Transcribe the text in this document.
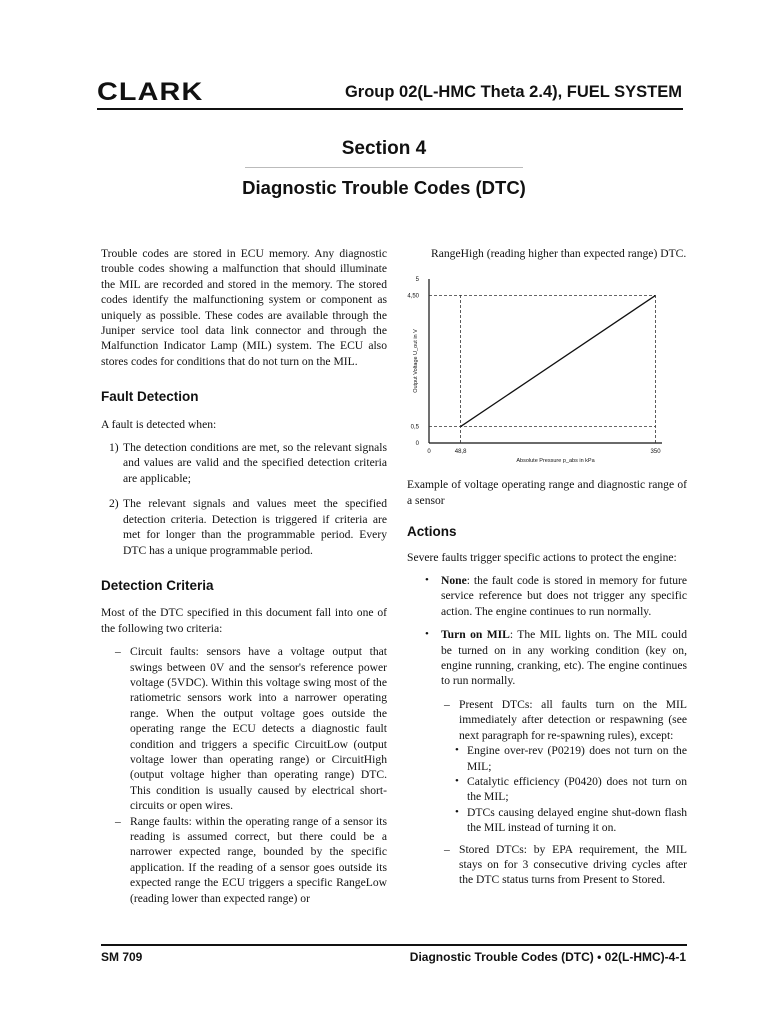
CLARK	Group 02(L-HMC Theta 2.4), FUEL SYSTEM
Section 4
Diagnostic Trouble Codes (DTC)

Trouble codes are stored in ECU memory. Any diagnostic trouble codes showing a malfunction that should illuminate the MIL are recorded and stored in the memory. The stored codes identify the malfunctioning system or component as uniquely as possible. These codes are available through the Juniper service tool data link connector and through the Malfunction Indicator Lamp (MIL) system. The ECU also stores codes for conditions that do not turn on the MIL.

Fault Detection

A fault is detected when:

1) The detection conditions are met, so the relevant signals and values are valid and the specified detection criteria are applicable;
2) The relevant signals and values meet the specified detection criteria. Detection is triggered if criteria are met for longer than the programmable period. Every DTC has a unique programmable period.
Detection Criteria

Most of the DTC specified in this document fall into one of the following two criteria:

– Circuit faults: sensors have a voltage output that swings between 0V and the sensor's reference power voltage (5VDC). Within this voltage swing most of the ratiometric sensors work into a narrower operating range. When the output voltage goes outside the operating range the ECU detects a diagnostic fault condition and triggers a specific CircuitLow (output voltage lower than operating range) or CircuitHigh (output voltage higher than operating range) DTC. This condition is usually caused by electrical short-circuits or open wires.
– Range faults: within the operating range of a sensor its reading is assumed correct, but there could be a narrower expected range, bounded by the specific application. If the reading of a sensor goes outside its expected range the ECU triggers a specific RangeLow (reading lower than expected range) or

RangeHigh (reading higher than expected range) DTC.

0
0,5
4,50
5
0	48,8	350
Absolute Pressure p_abs in kPa
Output Voltage U_out in V

Example of voltage operating range and diagnostic range of a sensor

Actions

Severe faults trigger specific actions to protect the engine:

• None: the fault code is stored in memory for future service reference but does not trigger any specific action. The engine continues to run normally.
• Turn on MIL: The MIL lights on. The MIL could be turned on in any working condition (key on, engine running, cranking, etc). The engine continues to run normally.
– Present DTCs: all faults turn on the MIL immediately after detection or respawning (see next paragraph for re-spawning rules), except:
• Engine over-rev (P0219) does not turn on the MIL;
• Catalytic efficiency (P0420) does not turn on the MIL;
• DTCs causing delayed engine shut-down flash the MIL instead of turning it on.
– Stored DTCs: by EPA requirement, the MIL stays on for 3 consecutive driving cycles after the DTC status turns from Present to Stored.
SM 709	Diagnostic Trouble Codes (DTC) • 02(L-HMC)-4-1
